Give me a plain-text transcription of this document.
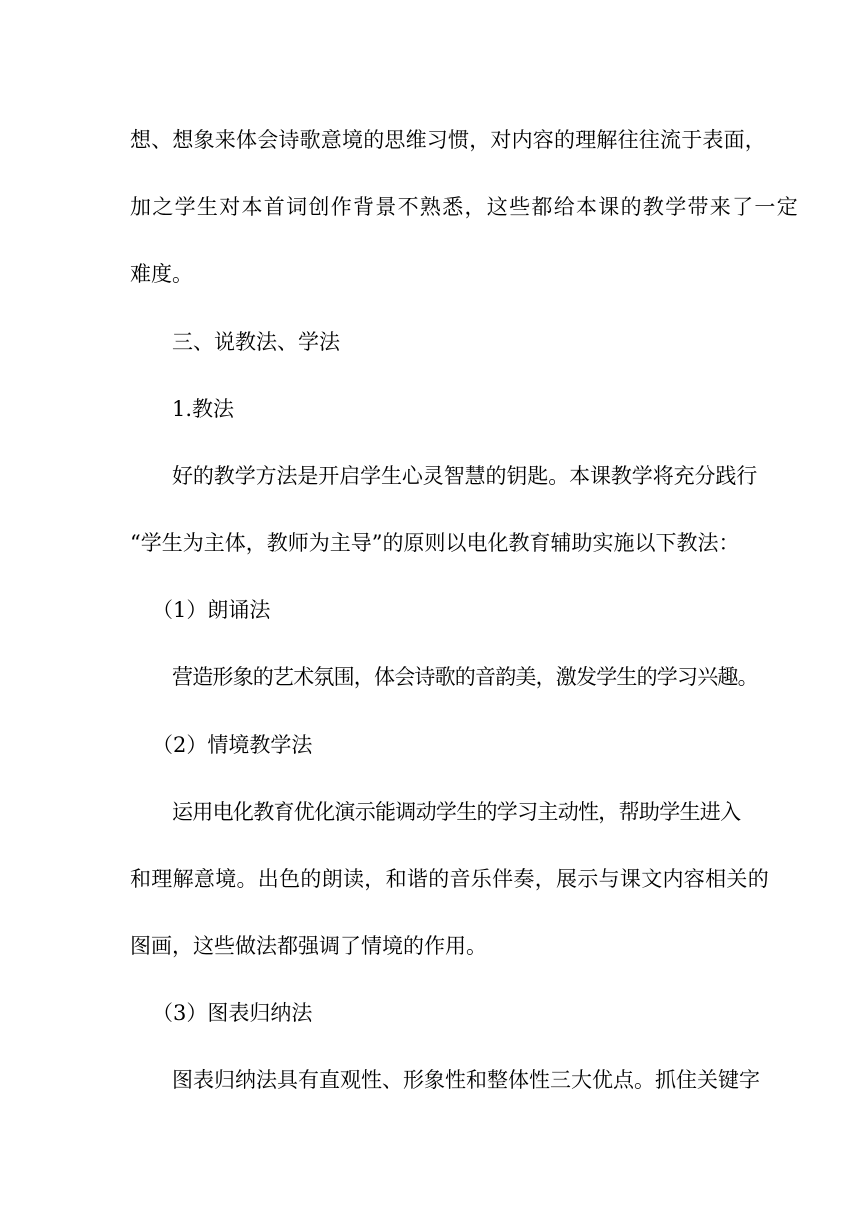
想、想象来体会诗歌意境的思维习惯，对内容的理解往往流于表面，
加之学生对本首词创作背景不熟悉，这些都给本课的教学带来了一定
难度。
三、说教法、学法
1.教法
好的教学方法是开启学生心灵智慧的钥匙。本课教学将充分践行
“学生为主体，教师为主导”的原则以电化教育辅助实施以下教法：
（1）朗诵法
营造形象的艺术氛围，体会诗歌的音韵美，激发学生的学习兴趣。
（2）情境教学法
运用电化教育优化演示能调动学生的学习主动性，帮助学生进入
和理解意境。出色的朗读，和谐的音乐伴奏，展示与课文内容相关的
图画，这些做法都强调了情境的作用。
（3）图表归纳法
图表归纳法具有直观性、形象性和整体性三大优点。抓住关键字
